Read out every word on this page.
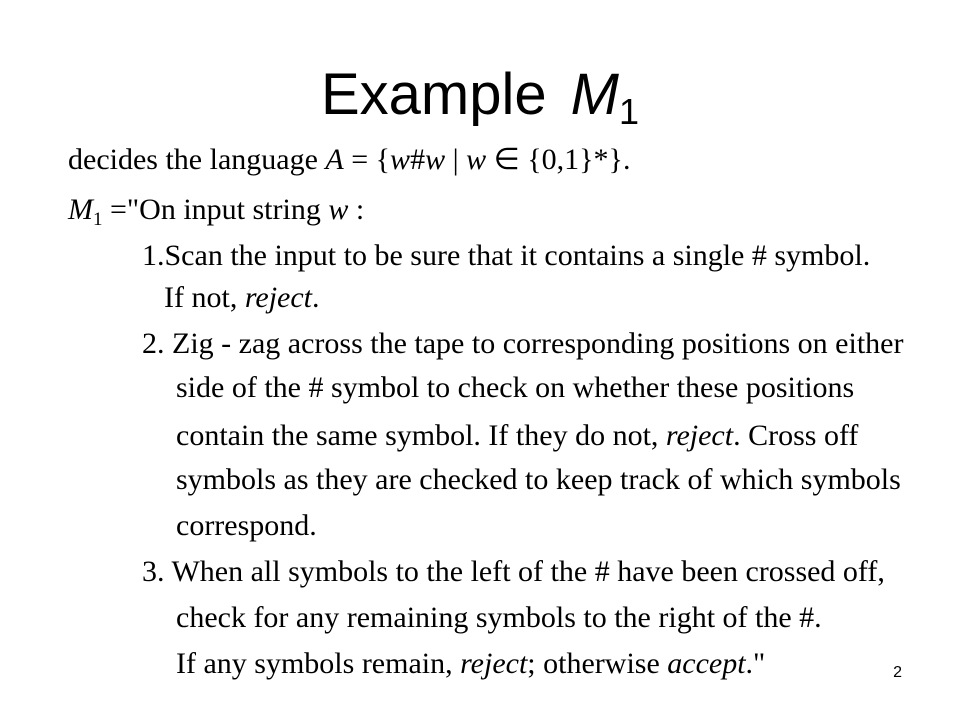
Example $M_1$
decides the language A = {w#w | w ∈ {0,1}*}.
$M_1$ ="On input string w :
1.Scan the input to be sure that it contains a single # symbol.
If not, reject.
2. Zig - zag across the tape to corresponding positions on either
side of the # symbol to check on whether these positions
contain the same symbol. If they do not, reject. Cross off
symbols as they are checked to keep track of which symbols
correspond.
3. When all symbols to the left of the # have been crossed off,
check for any remaining symbols to the right of the #.
If any symbols remain, reject; otherwise accept."	2
